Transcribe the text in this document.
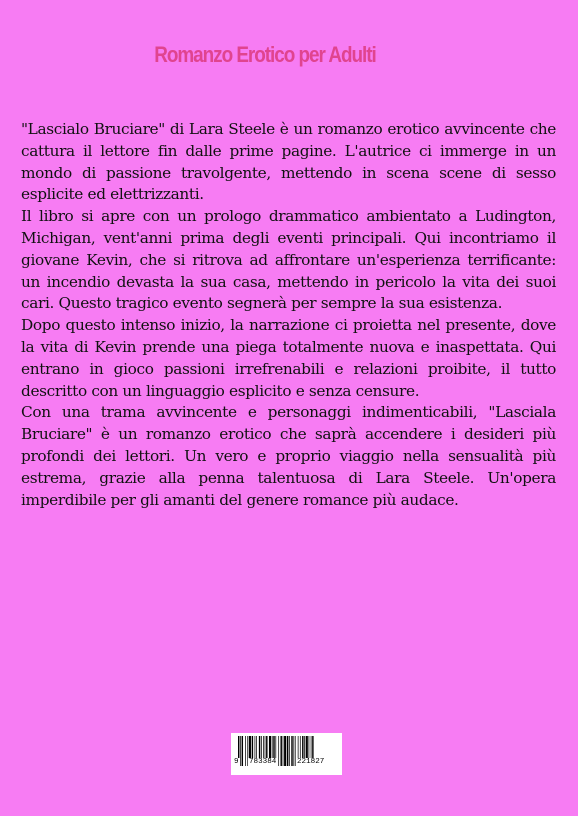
Romanzo Erotico per Adulti

"Lascialo Bruciare" di Lara Steele è un romanzo erotico avvincente che cattura il lettore fin dalle prime pagine. L'autrice ci immerge in un mondo di passione travolgente, mettendo in scena scene di sesso esplicite ed elettrizzanti.

Il libro si apre con un prologo drammatico ambientato a Ludington, Michigan, vent'anni prima degli eventi principali. Qui incontriamo il giovane Kevin, che si ritrova ad affrontare un'esperienza terrificante: un incendio devasta la sua casa, mettendo in pericolo la vita dei suoi cari. Questo tragico evento segnerà per sempre la sua esistenza.

Dopo questo intenso inizio, la narrazione ci proietta nel presente, dove la vita di Kevin prende una piega totalmente nuova e inaspettata. Qui entrano in gioco passioni irrefrenabili e relazioni proibite, il tutto descritto con un linguaggio esplicito e senza censure.

Con una trama avvincente e personaggi indimenticabili, "Lasciala Bruciare" è un romanzo erotico che saprà accendere i desideri più profondi dei lettori. Un vero e proprio viaggio nella sensualità più estrema, grazie alla penna talentuosa di Lara Steele. Un'opera imperdibile per gli amanti del genere romance più audace.

9 783384	221827
